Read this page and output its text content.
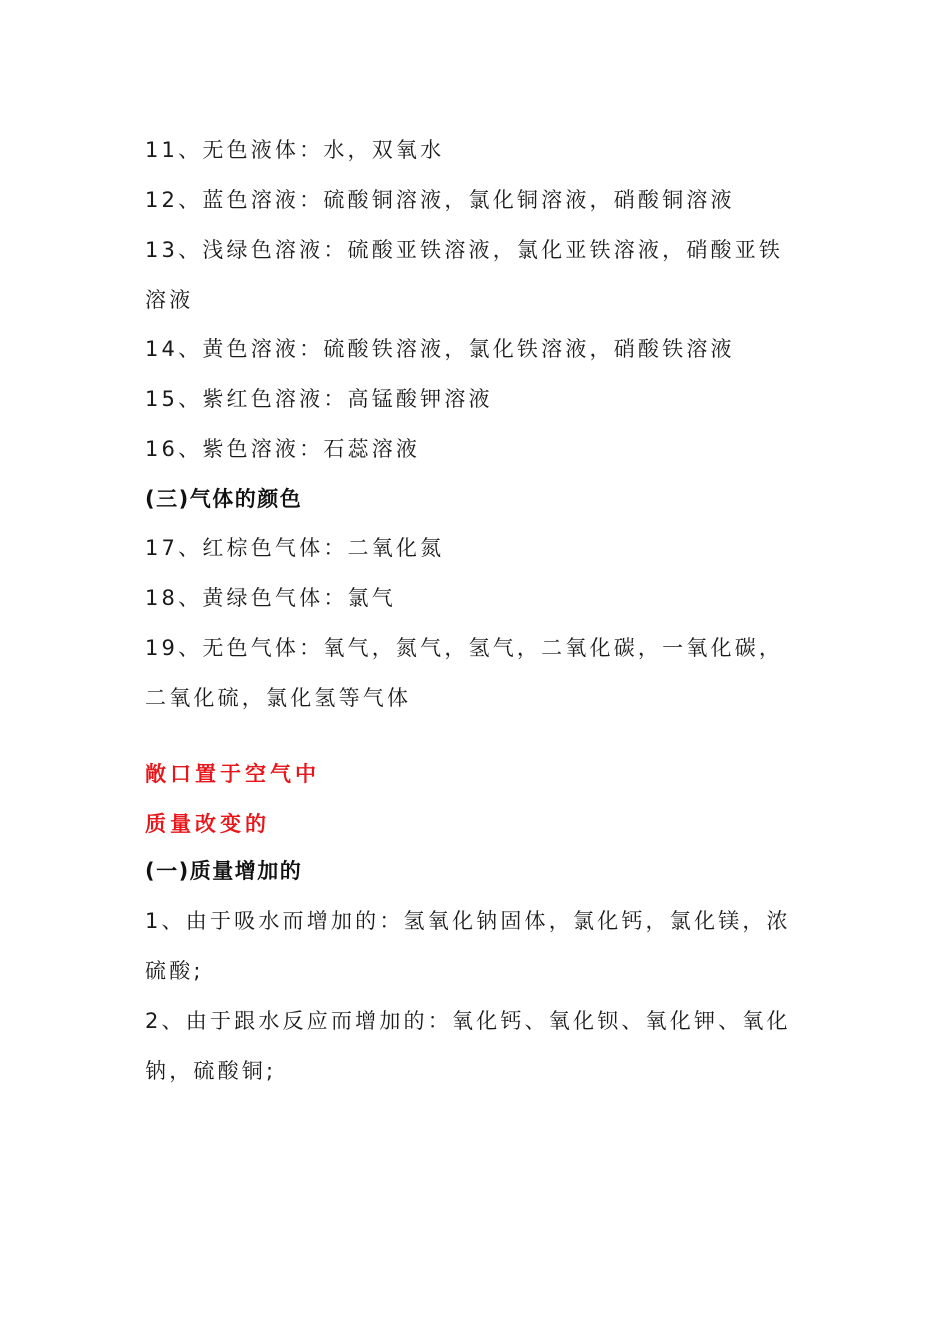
11、无色液体：水，双氧水
12、蓝色溶液：硫酸铜溶液，氯化铜溶液，硝酸铜溶液
13、浅绿色溶液：硫酸亚铁溶液，氯化亚铁溶液，硝酸亚铁
溶液
14、黄色溶液：硫酸铁溶液，氯化铁溶液，硝酸铁溶液
15、紫红色溶液：高锰酸钾溶液
16、紫色溶液：石蕊溶液
(三)气体的颜色
17、红棕色气体：二氧化氮
18、黄绿色气体：氯气
19、无色气体：氧气，氮气，氢气，二氧化碳，一氧化碳，
二氧化硫，氯化氢等气体
敞口置于空气中
质量改变的
(一)质量增加的
1、由于吸水而增加的：氢氧化钠固体，氯化钙，氯化镁，浓
硫酸;
2、由于跟水反应而增加的：氧化钙、氧化钡、氧化钾、氧化
钠，硫酸铜;
